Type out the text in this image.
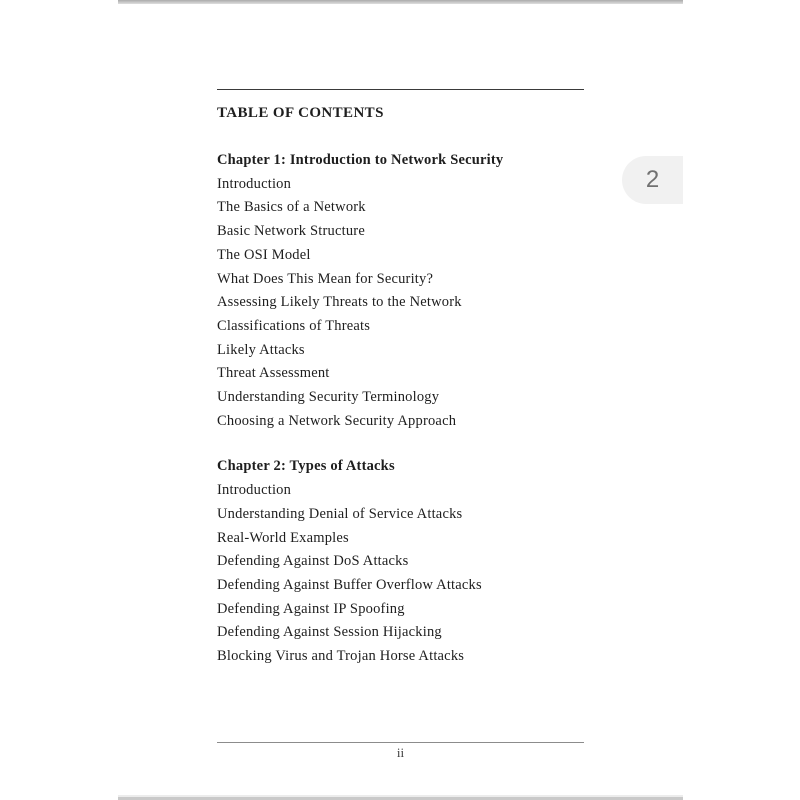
TABLE OF CONTENTS
Chapter 1: Introduction to Network Security
Introduction
The Basics of a Network
Basic Network Structure
The OSI Model
What Does This Mean for Security?
Assessing Likely Threats to the Network
Classifications of Threats
Likely Attacks
Threat Assessment
Understanding Security Terminology
Choosing a Network Security Approach
Chapter 2: Types of Attacks
Introduction
Understanding Denial of Service Attacks
Real-World Examples
Defending Against DoS Attacks
Defending Against Buffer Overflow Attacks
Defending Against IP Spoofing
Defending Against Session Hijacking
Blocking Virus and Trojan Horse Attacks
ii
2
